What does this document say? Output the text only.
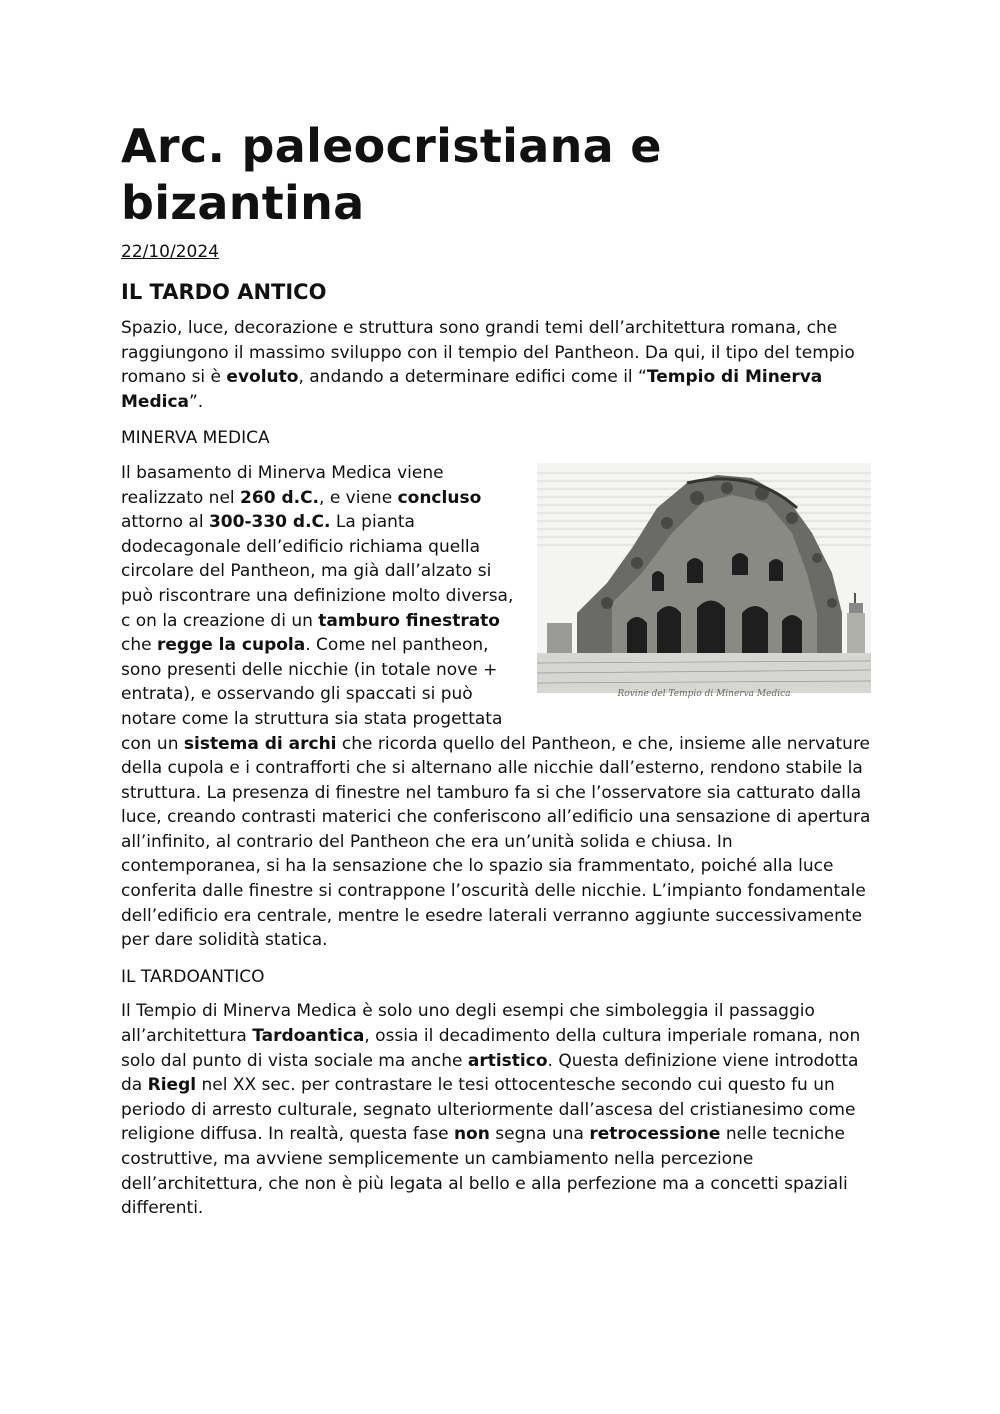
Arc. paleocristiana e bizantina
22/10/2024
IL TARDO ANTICO

Spazio, luce, decorazione e struttura sono grandi temi dell’architettura romana, che raggiungono il massimo sviluppo con il tempio del Pantheon. Da qui, il tipo del tempio romano si è evoluto, andando a determinare edifici come il “Tempio di Minerva Medica”.

MINERVA MEDICA

Rovine del Tempio di Minerva Medica
Il basamento di Minerva Medica viene realizzato nel 260 d.C., e viene concluso attorno al 300-330 d.C. La pianta dodecagonale dell’edificio richiama quella circolare del Pantheon, ma già dall’alzato si può riscontrare una definizione molto diversa, c on la creazione di un tamburo finestrato che regge la cupola. Come nel pantheon, sono presenti delle nicchie (in totale nove + entrata), e osservando gli spaccati si può notare come la struttura sia stata progettata con un sistema di archi che ricorda quello del Pantheon, e che, insieme alle nervature della cupola e i contrafforti che si alternano alle nicchie dall’esterno, rendono stabile la struttura. La presenza di finestre nel tamburo fa si che l’osservatore sia catturato dalla luce, creando contrasti materici che conferiscono all’edificio una sensazione di apertura all’infinito, al contrario del Pantheon che era un’unità solida e chiusa. In contemporanea, si ha la sensazione che lo spazio sia frammentato, poiché alla luce conferita dalle finestre si contrappone l’oscurità delle nicchie. L’impianto fondamentale dell’edificio era centrale, mentre le esedre laterali verranno aggiunte successivamente per dare solidità statica.

IL TARDOANTICO

Il Tempio di Minerva Medica è solo uno degli esempi che simboleggia il passaggio all’architettura Tardoantica, ossia il decadimento della cultura imperiale romana, non solo dal punto di vista sociale ma anche artistico. Questa definizione viene introdotta da Riegl nel XX sec. per contrastare le tesi ottocentesche secondo cui questo fu un periodo di arresto culturale, segnato ulteriormente dall’ascesa del cristianesimo come religione diffusa. In realtà, questa fase non segna una retrocessione nelle tecniche costruttive, ma avviene semplicemente un cambiamento nella percezione dell’architettura, che non è più legata al bello e alla perfezione ma a concetti spaziali differenti.
